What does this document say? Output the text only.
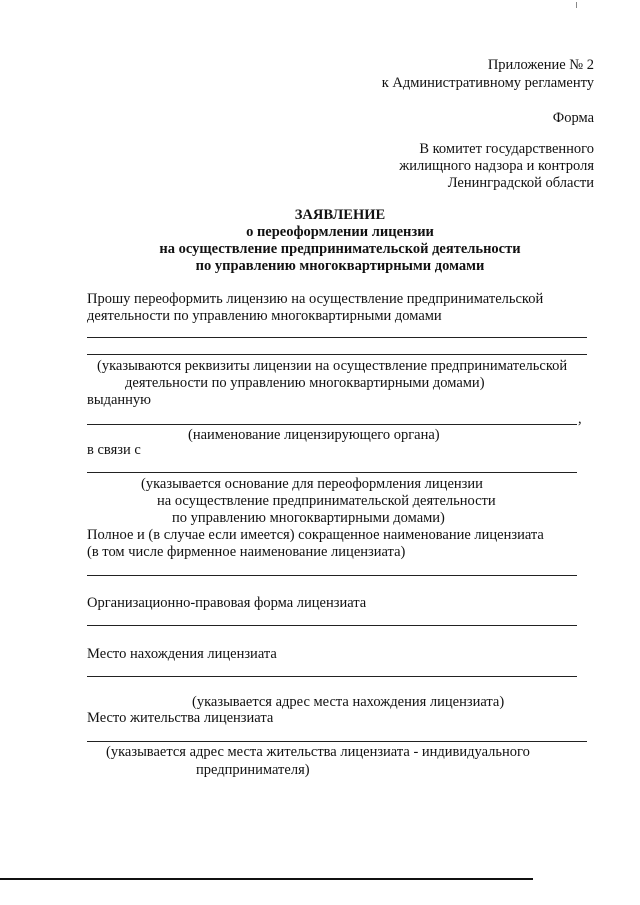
Приложение № 2
к Административному регламенту
Форма
В комитет государственного
жилищного надзора и контроля
Ленинградской области
ЗАЯВЛЕНИЕ
о переоформлении лицензии
на осуществление предпринимательской деятельности
по управлению многоквартирными домами
Прошу переоформить лицензию на осуществление предпринимательской
деятельности по управлению многоквартирными домами
(указываются реквизиты лицензии на осуществление предпринимательской
деятельности по управлению многоквартирными домами)
выданную
,
(наименование лицензирующего органа)
в связи с
(указывается основание для переоформления лицензии
на осуществление предпринимательской деятельности
по управлению многоквартирными домами)
Полное и (в случае если имеется) сокращенное наименование лицензиата
(в том числе фирменное наименование лицензиата)
Организационно-правовая форма лицензиата
Место нахождения лицензиата
(указывается адрес места нахождения лицензиата)
Место жительства лицензиата
(указывается адрес места жительства лицензиата - индивидуального
предпринимателя)
